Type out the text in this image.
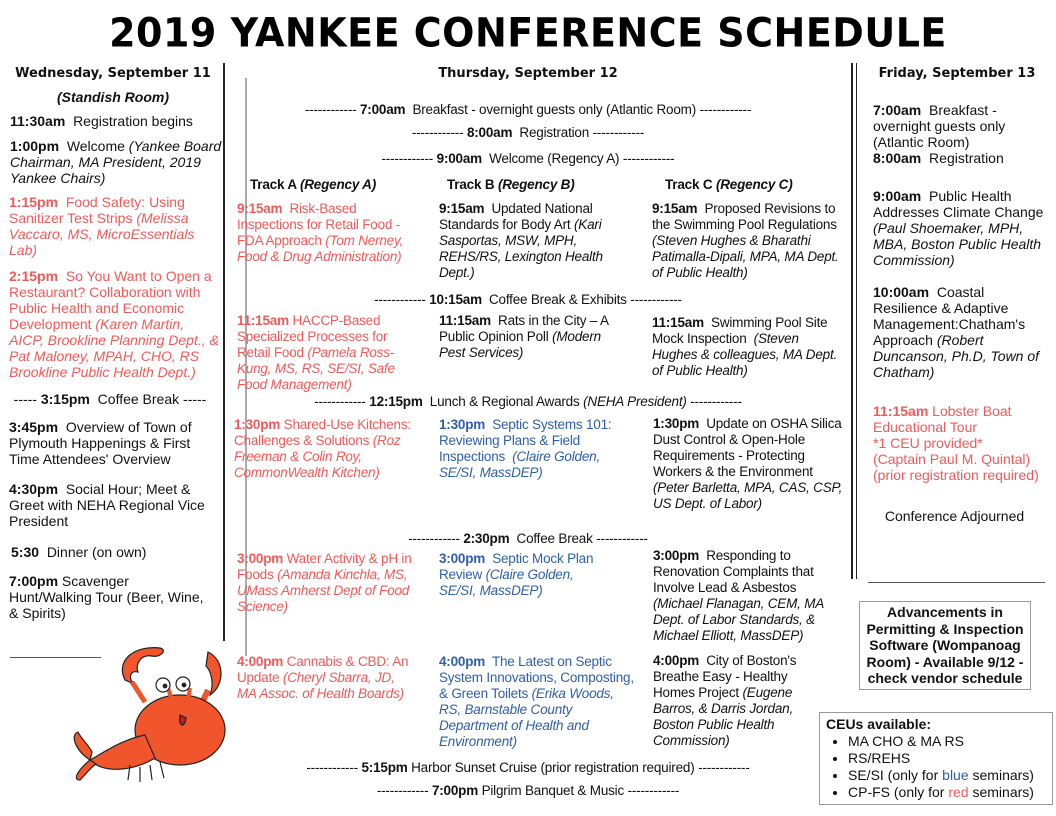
2019 YANKEE CONFERENCE SCHEDULE
Wednesday, September 11
(Standish Room)
11:30am Registration begins
1:00pm Welcome (Yankee Board Chairman, MA President, 2019 Yankee Chairs)
1:15pm Food Safety: Using Sanitizer Test Strips (Melissa Vaccaro, MS, MicroEssentials Lab)
2:15pm So You Want to Open a Restaurant? Collaboration with Public Health and Economic Development (Karen Martin, AICP, Brookline Planning Dept., & Pat Maloney, MPAH, CHO, RS Brookline Public Health Dept.)
----- 3:15pm Coffee Break -----
3:45pm Overview of Town of Plymouth Happenings & First Time Attendees' Overview
4:30pm Social Hour; Meet & Greet with NEHA Regional Vice President
5:30 Dinner (on own)
7:00pm Scavenger Hunt/Walking Tour (Beer, Wine, & Spirits)
Thursday, September 12
------------ 7:00am Breakfast - overnight guests only (Atlantic Room) ------------
------------ 8:00am Registration ------------
------------ 9:00am Welcome (Regency A) ------------
Track A (Regency A)	Track B (Regency B)	Track C (Regency C)
9:15am Risk-Based Inspections for Retail Food - FDA Approach (Tom Nerney, Food & Drug Administration)
9:15am Updated National Standards for Body Art (Kari Sasportas, MSW, MPH, REHS/RS, Lexington Health Dept.)
9:15am Proposed Revisions to the Swimming Pool Regulations (Steven Hughes & Bharathi Patimalla-Dipali, MPA, MA Dept. of Public Health)
------------ 10:15am Coffee Break & Exhibits ------------
11:15am HACCP-Based Specialized Processes for Retail Food (Pamela Ross-Kung, MS, RS, SE/SI, Safe Food Management)
11:15am Rats in the City – A Public Opinion Poll (Modern Pest Services)
11:15am Swimming Pool Site Mock Inspection (Steven Hughes & colleagues, MA Dept. of Public Health)
------------ 12:15pm Lunch & Regional Awards (NEHA President) ------------
1:30pm Shared-Use Kitchens: Challenges & Solutions (Roz Freeman & Colin Roy, CommonWealth Kitchen)
1:30pm Septic Systems 101: Reviewing Plans & Field Inspections (Claire Golden, SE/SI, MassDEP)
1:30pm Update on OSHA Silica Dust Control & Open-Hole Requirements - Protecting Workers & the Environment (Peter Barletta, MPA, CAS, CSP, US Dept. of Labor)
------------ 2:30pm Coffee Break ------------
3:00pm Water Activity & pH in Foods (Amanda Kinchla, MS, UMass Amherst Dept of Food Science)
3:00pm Septic Mock Plan Review (Claire Golden, SE/SI, MassDEP)
3:00pm Responding to Renovation Complaints that Involve Lead & Asbestos (Michael Flanagan, CEM, MA Dept. of Labor Standards, & Michael Elliott, MassDEP)
4:00pm Cannabis & CBD: An Update (Cheryl Sbarra, JD, MA Assoc. of Health Boards)
4:00pm The Latest on Septic System Innovations, Composting, & Green Toilets (Erika Woods, RS, Barnstable County Department of Health and Environment)
4:00pm City of Boston's Breathe Easy - Healthy Homes Project (Eugene Barros, & Darris Jordan, Boston Public Health Commission)
------------ 5:15pm Harbor Sunset Cruise (prior registration required) ------------
------------ 7:00pm Pilgrim Banquet & Music ------------
Friday, September 13
7:00am Breakfast - overnight guests only (Atlantic Room)
8:00am Registration
9:00am Public Health Addresses Climate Change (Paul Shoemaker, MPH, MBA, Boston Public Health Commission)
10:00am Coastal Resilience & Adaptive Management:Chatham's Approach (Robert Duncanson, Ph.D, Town of Chatham)
11:15am Lobster Boat Educational Tour
*1 CEU provided*
(Captain Paul M. Quintal)
(prior registration required)
Conference Adjourned
Advancements in Permitting & Inspection Software (Wompanoag Room) - Available 9/12 - check vendor schedule
CEUs available:
• MA CHO & MA RS
• RS/REHS
• SE/SI (only for blue seminars)
• CP-FS (only for red seminars)
